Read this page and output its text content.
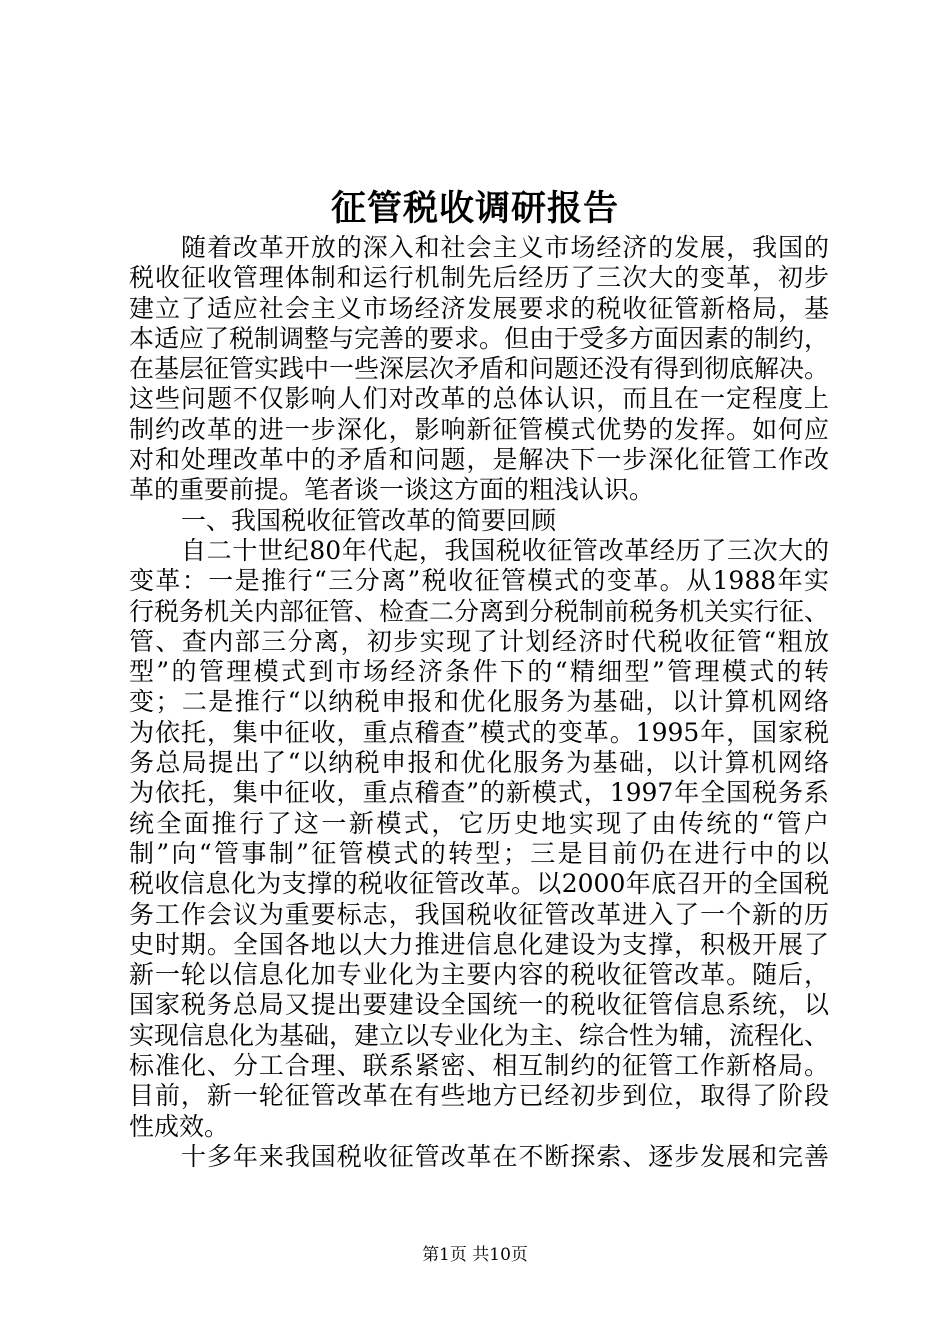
征管税收调研报告
随着改革开放的深入和社会主义市场经济的发展，我国的
税收征收管理体制和运行机制先后经历了三次大的变革，初步
建立了适应社会主义市场经济发展要求的税收征管新格局，基
本适应了税制调整与完善的要求。但由于受多方面因素的制约，
在基层征管实践中一些深层次矛盾和问题还没有得到彻底解决。
这些问题不仅影响人们对改革的总体认识，而且在一定程度上
制约改革的进一步深化，影响新征管模式优势的发挥。如何应
对和处理改革中的矛盾和问题，是解决下一步深化征管工作改
革的重要前提。笔者谈一谈这方面的粗浅认识。
一、我国税收征管改革的简要回顾
自二十世纪80年代起，我国税收征管改革经历了三次大的
变革：一是推行“三分离”税收征管模式的变革。从1988年实
行税务机关内部征管、检查二分离到分税制前税务机关实行征、
管、查内部三分离，初步实现了计划经济时代税收征管“粗放
型”的管理模式到市场经济条件下的“精细型”管理模式的转
变；二是推行“以纳税申报和优化服务为基础，以计算机网络
为依托，集中征收，重点稽查”模式的变革。1995年，国家税
务总局提出了“以纳税申报和优化服务为基础，以计算机网络
为依托，集中征收，重点稽查”的新模式，1997年全国税务系
统全面推行了这一新模式，它历史地实现了由传统的“管户
制”向“管事制”征管模式的转型；三是目前仍在进行中的以
税收信息化为支撑的税收征管改革。以2000年底召开的全国税
务工作会议为重要标志，我国税收征管改革进入了一个新的历
史时期。全国各地以大力推进信息化建设为支撑，积极开展了
新一轮以信息化加专业化为主要内容的税收征管改革。随后，
国家税务总局又提出要建设全国统一的税收征管信息系统，以
实现信息化为基础，建立以专业化为主、综合性为辅，流程化、
标准化、分工合理、联系紧密、相互制约的征管工作新格局。
目前，新一轮征管改革在有些地方已经初步到位，取得了阶段
性成效。
十多年来我国税收征管改革在不断探索、逐步发展和完善
第1页 共10页
